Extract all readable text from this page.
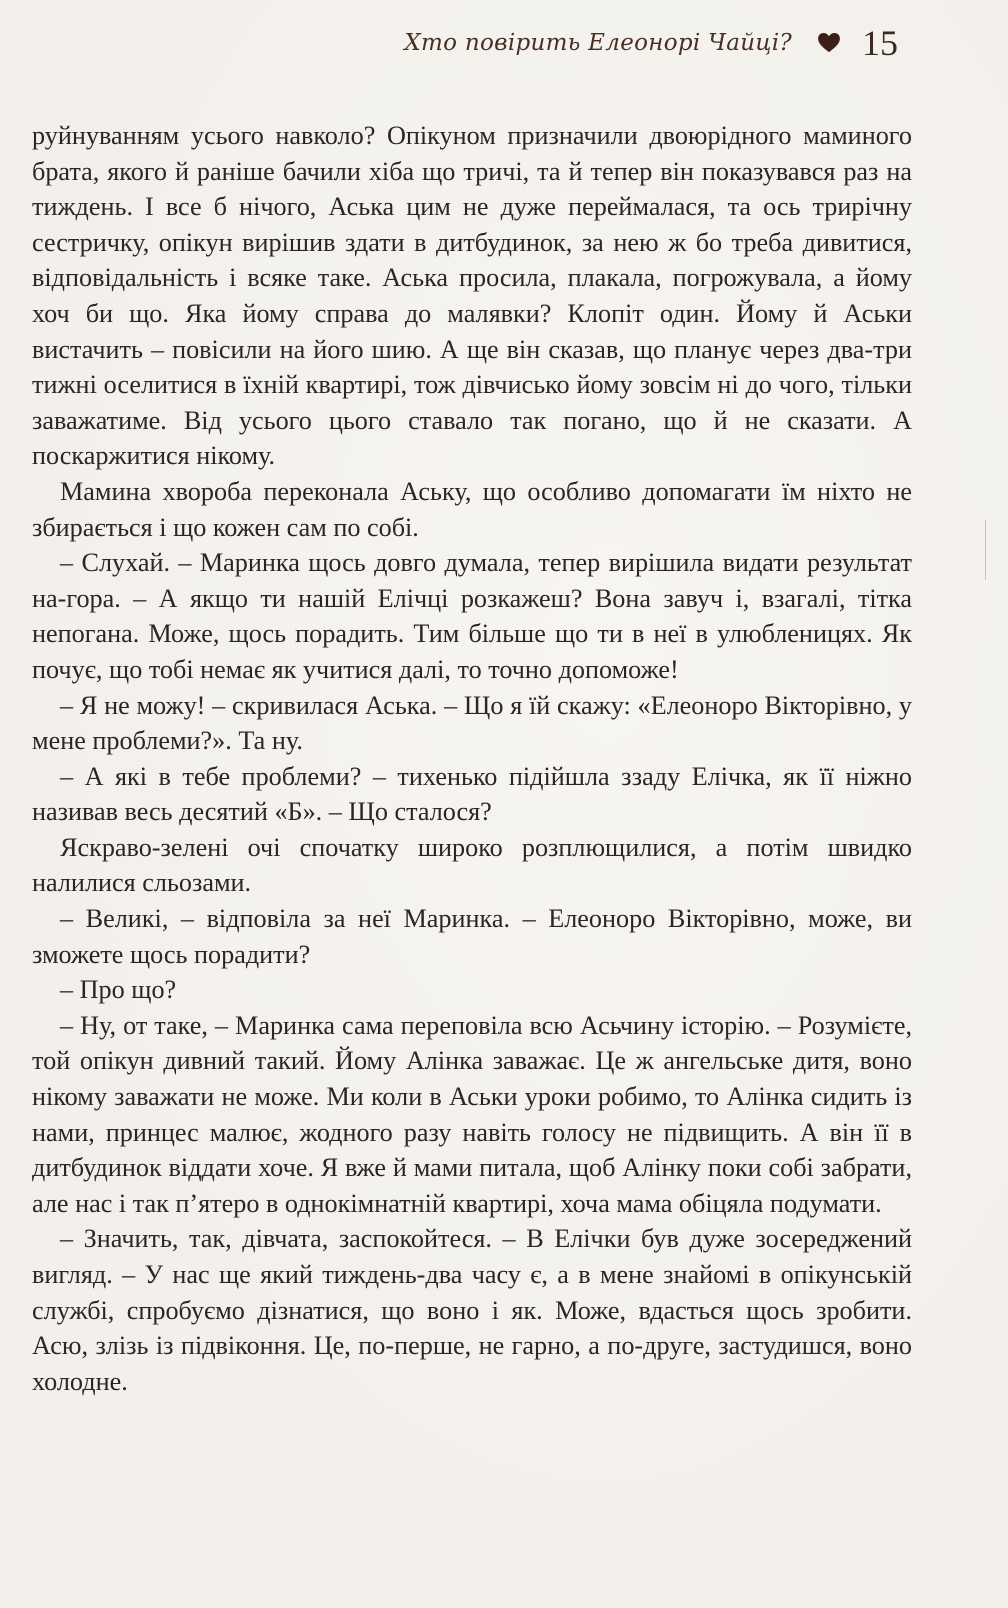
Хто повірить Елеонорі Чайці? 15

руйнуванням усього навколо? Опікуном призначили двоюрідного маминого брата, якого й раніше бачили хіба що тричі, та й тепер він показувався раз на тиждень. І все б нічого, Аська цим не дуже переймалася, та ось трирічну сестричку, опікун вирішив здати в дитбудинок, за нею ж бо треба дивитися, відповідальність і всяке таке. Аська просила, плакала, погрожувала, а йому хоч би що. Яка йому справа до малявки? Клопіт один. Йому й Аськи вистачить – повісили на його шию. А ще він сказав, що планує через два-три тижні оселитися в їхній квартирі, тож дівчисько йому зовсім ні до чого, тільки заважатиме. Від усього цього ставало так погано, що й не сказати. А поскаржитися нікому.

Мамина хвороба переконала Аську, що особливо допомагати їм ніхто не збирається і що кожен сам по собі.

– Слухай. – Маринка щось довго думала, тепер вирішила видати результат на-гора. – А якщо ти нашій Елічці розкажеш? Вона завуч і, взагалі, тітка непогана. Може, щось порадить. Тим більше що ти в неї в улюбленицях. Як почує, що тобі немає як учитися далі, то точно допоможе!

– Я не можу! – скривилася Аська. – Що я їй скажу: «Елеоноро Вікторівно, у мене проблеми?». Та ну.

– А які в тебе проблеми? – тихенько підійшла ззаду Елічка, як її ніжно називав весь десятий «Б». – Що сталося?

Яскраво-зелені очі спочатку широко розплющилися, а потім швидко налилися сльозами.

– Великі, – відповіла за неї Маринка. – Елеоноро Вікторівно, може, ви зможете щось порадити?

– Про що?

– Ну, от таке, – Маринка сама переповіла всю Асьчину історію. – Розумієте, той опікун дивний такий. Йому Алінка заважає. Це ж ангельське дитя, воно нікому заважати не може. Ми коли в Аськи уроки робимо, то Алінка сидить із нами, принцес малює, жодного разу навіть голосу не підвищить. А він її в дитбудинок віддати хоче. Я вже й мами питала, щоб Алінку поки собі забрати, але нас і так п’ятеро в однокімнатній квартирі, хоча мама обіцяла подумати.

– Значить, так, дівчата, заспокойтеся. – В Елічки був дуже зосереджений вигляд. – У нас ще який тиждень-два часу є, а в мене знайомі в опікунській службі, спробуємо дізнатися, що воно і як. Може, вдасться щось зробити. Асю, злізь із підвіконня. Це, по-перше, не гарно, а по-друге, застудишся, воно холодне.
